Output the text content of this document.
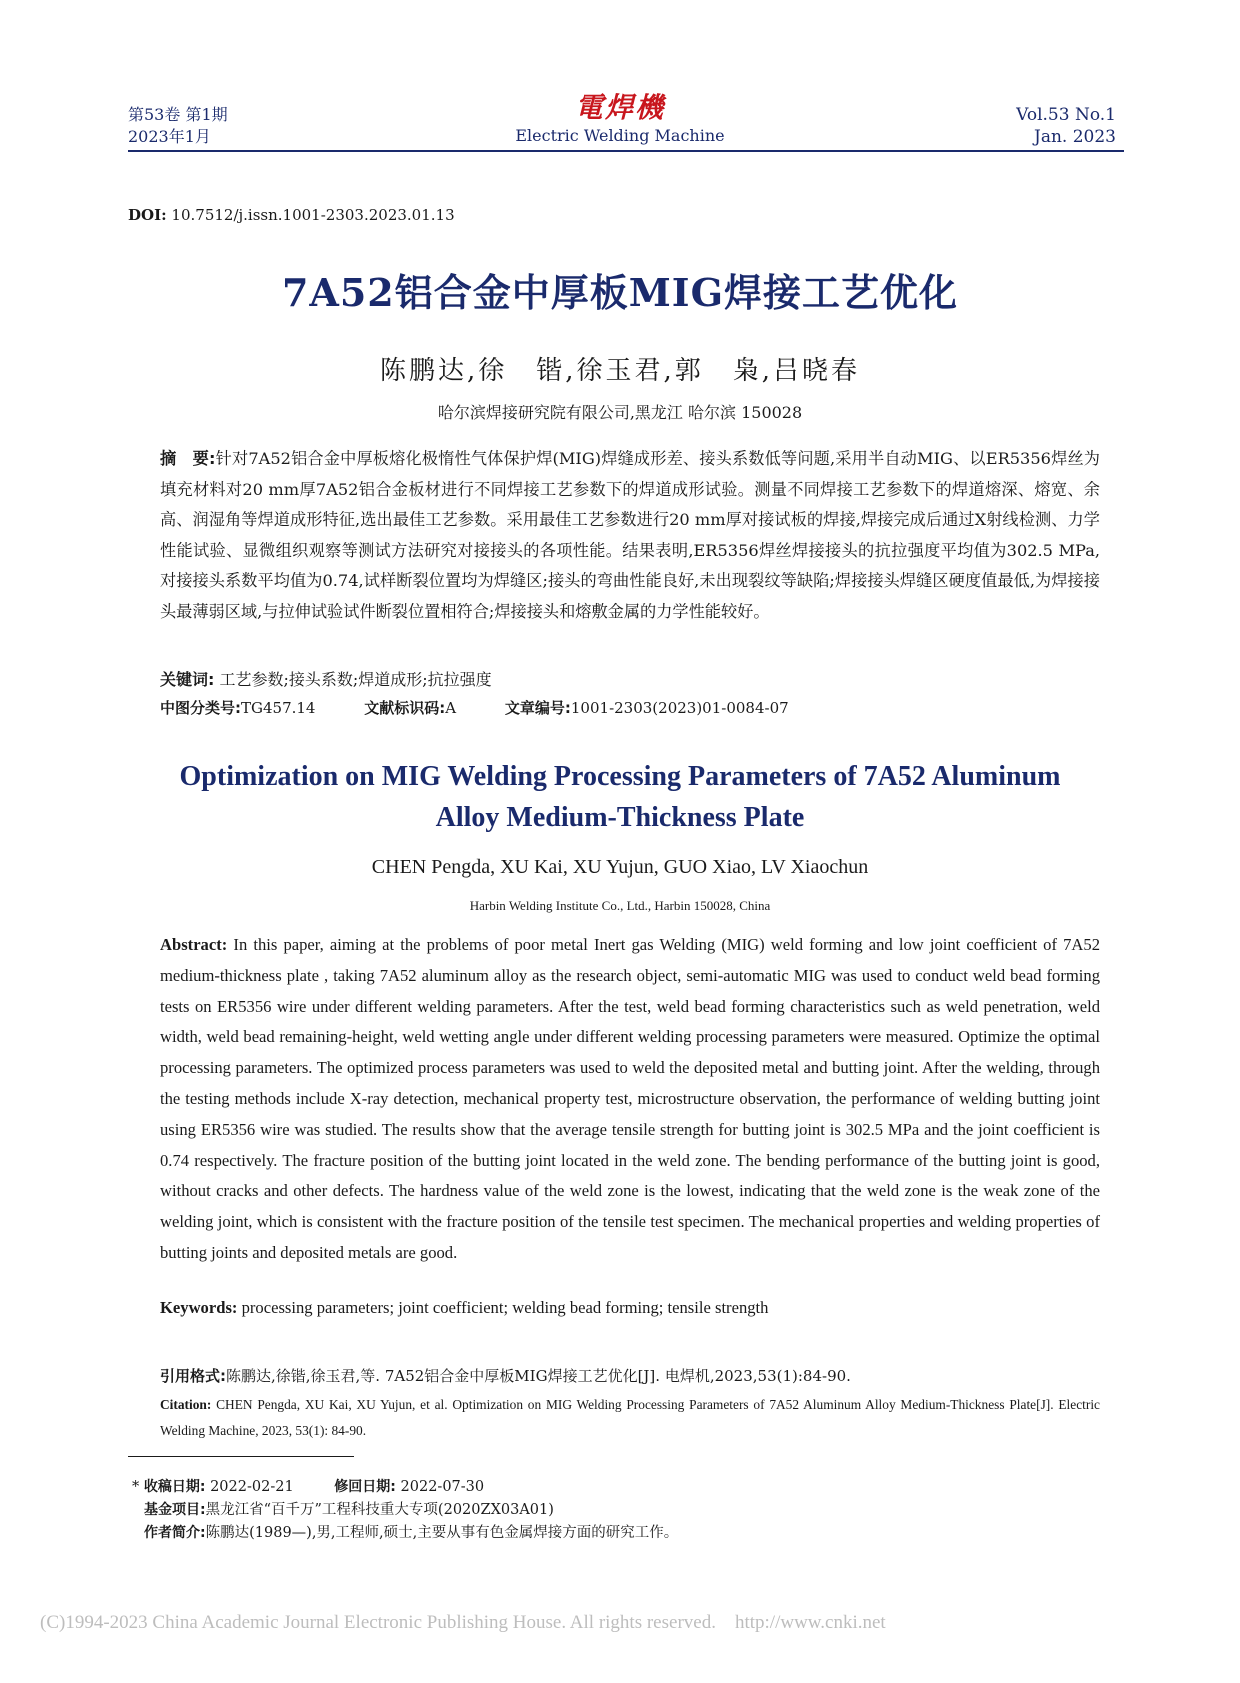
第53卷 第1期
2023年1月
電焊機
Electric Welding Machine
Vol.53 No.1
Jan. 2023
DOI: 10.7512/j.issn.1001-2303.2023.01.13
7A52铝合金中厚板MIG焊接工艺优化
陈鹏达,徐　锴,徐玉君,郭　枭,吕晓春
哈尔滨焊接研究院有限公司,黑龙江 哈尔滨 150028
摘　要:针对7A52铝合金中厚板熔化极惰性气体保护焊(MIG)焊缝成形差、接头系数低等问题,采用半自动MIG、以ER5356焊丝为填充材料对20 mm厚7A52铝合金板材进行不同焊接工艺参数下的焊道成形试验。测量不同焊接工艺参数下的焊道熔深、熔宽、余高、润湿角等焊道成形特征,选出最佳工艺参数。采用最佳工艺参数进行20 mm厚对接试板的焊接,焊接完成后通过X射线检测、力学性能试验、显微组织观察等测试方法研究对接接头的各项性能。结果表明,ER5356焊丝焊接接头的抗拉强度平均值为302.5 MPa,对接接头系数平均值为0.74,试样断裂位置均为焊缝区;接头的弯曲性能良好,未出现裂纹等缺陷;焊接接头焊缝区硬度值最低,为焊接接头最薄弱区域,与拉伸试验试件断裂位置相符合;焊接接头和熔敷金属的力学性能较好。
关键词: 工艺参数;接头系数;焊道成形;抗拉强度
中图分类号:TG457.14	文献标识码:A	文章编号:1001-2303(2023)01-0084-07
Optimization on MIG Welding Processing Parameters of 7A52 Aluminum
Alloy Medium-Thickness Plate
CHEN Pengda, XU Kai, XU Yujun, GUO Xiao, LV Xiaochun
Harbin Welding Institute Co., Ltd., Harbin 150028, China
Abstract: In this paper, aiming at the problems of poor metal Inert gas Welding (MIG) weld forming and low joint coefficient of 7A52 medium-thickness plate , taking 7A52 aluminum alloy as the research object, semi-automatic MIG was used to conduct weld bead forming tests on ER5356 wire under different welding parameters. After the test, weld bead forming characteristics such as weld penetration, weld width, weld bead remaining-height, weld wetting angle under different welding processing parameters were measured. Optimize the optimal processing parameters. The optimized process parameters was used to weld the deposited metal and butting joint. After the welding, through the testing methods include X-ray detection, mechanical property test, microstructure observation, the performance of welding butting joint using ER5356 wire was studied. The results show that the average tensile strength for butting joint is 302.5 MPa and the joint coefficient is 0.74 respectively. The fracture position of the butting joint located in the weld zone. The bending performance of the butting joint is good, without cracks and other defects. The hardness value of the weld zone is the lowest, indicating that the weld zone is the weak zone of the welding joint, which is consistent with the fracture position of the tensile test specimen. The mechanical properties and welding properties of butting joints and deposited metals are good.
Keywords: processing parameters; joint coefficient; welding bead forming; tensile strength
引用格式:陈鹏达,徐锴,徐玉君,等. 7A52铝合金中厚板MIG焊接工艺优化[J]. 电焊机,2023,53(1):84-90.
Citation: CHEN Pengda, XU Kai, XU Yujun, et al. Optimization on MIG Welding Processing Parameters of 7A52 Aluminum Alloy Medium-Thickness Plate[J]. Electric Welding Machine, 2023, 53(1): 84-90.
* 收稿日期: 2022-02-21	修回日期: 2022-07-30
基金项目:黑龙江省“百千万”工程科技重大专项(2020ZX03A01)
作者简介:陈鹏达(1989—),男,工程师,硕士,主要从事有色金属焊接方面的研究工作。
(C)1994-2023 China Academic Journal Electronic Publishing House. All rights reserved.    http://www.cnki.net
